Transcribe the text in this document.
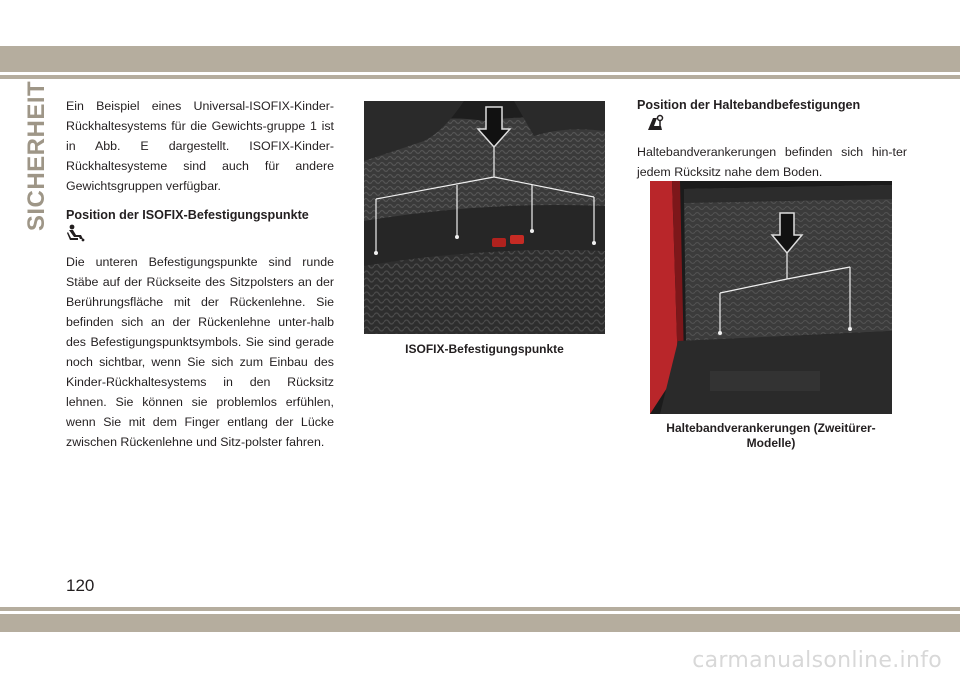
SICHERHEIT Ein Beispiel eines Universal-ISOFIX-Kinder-Rückhaltesystems für die Gewichts-gruppe 1 ist in Abb. E dargestellt. ISOFIX-Kinder-Rückhaltesysteme sind auch für andere Gewichtsgruppen verfügbar.

Position der ISOFIX-Befestigungspunkte

Die unteren Befestigungspunkte sind runde Stäbe auf der Rückseite des Sitzpolsters an der Berührungsfläche mit der Rückenlehne. Sie befinden sich an der Rückenlehne unter-halb des Befestigungspunktsymbols. Sie sind gerade noch sichtbar, wenn Sie sich zum Einbau des Kinder-Rückhaltesystems in den Rücksitz lehnen. Sie können sie problemlos erfühlen, wenn Sie mit dem Finger entlang der Lücke zwischen Rückenlehne und Sitz-polster fahren.

ISOFIX-Befestigungspunkte
Position der Haltebandbefestigungen

Haltebandverankerungen befinden sich hin-ter jedem Rücksitz nahe dem Boden.

Haltebandverankerungen (Zweitürer-
Modelle)
120
carmanualsonline.info
